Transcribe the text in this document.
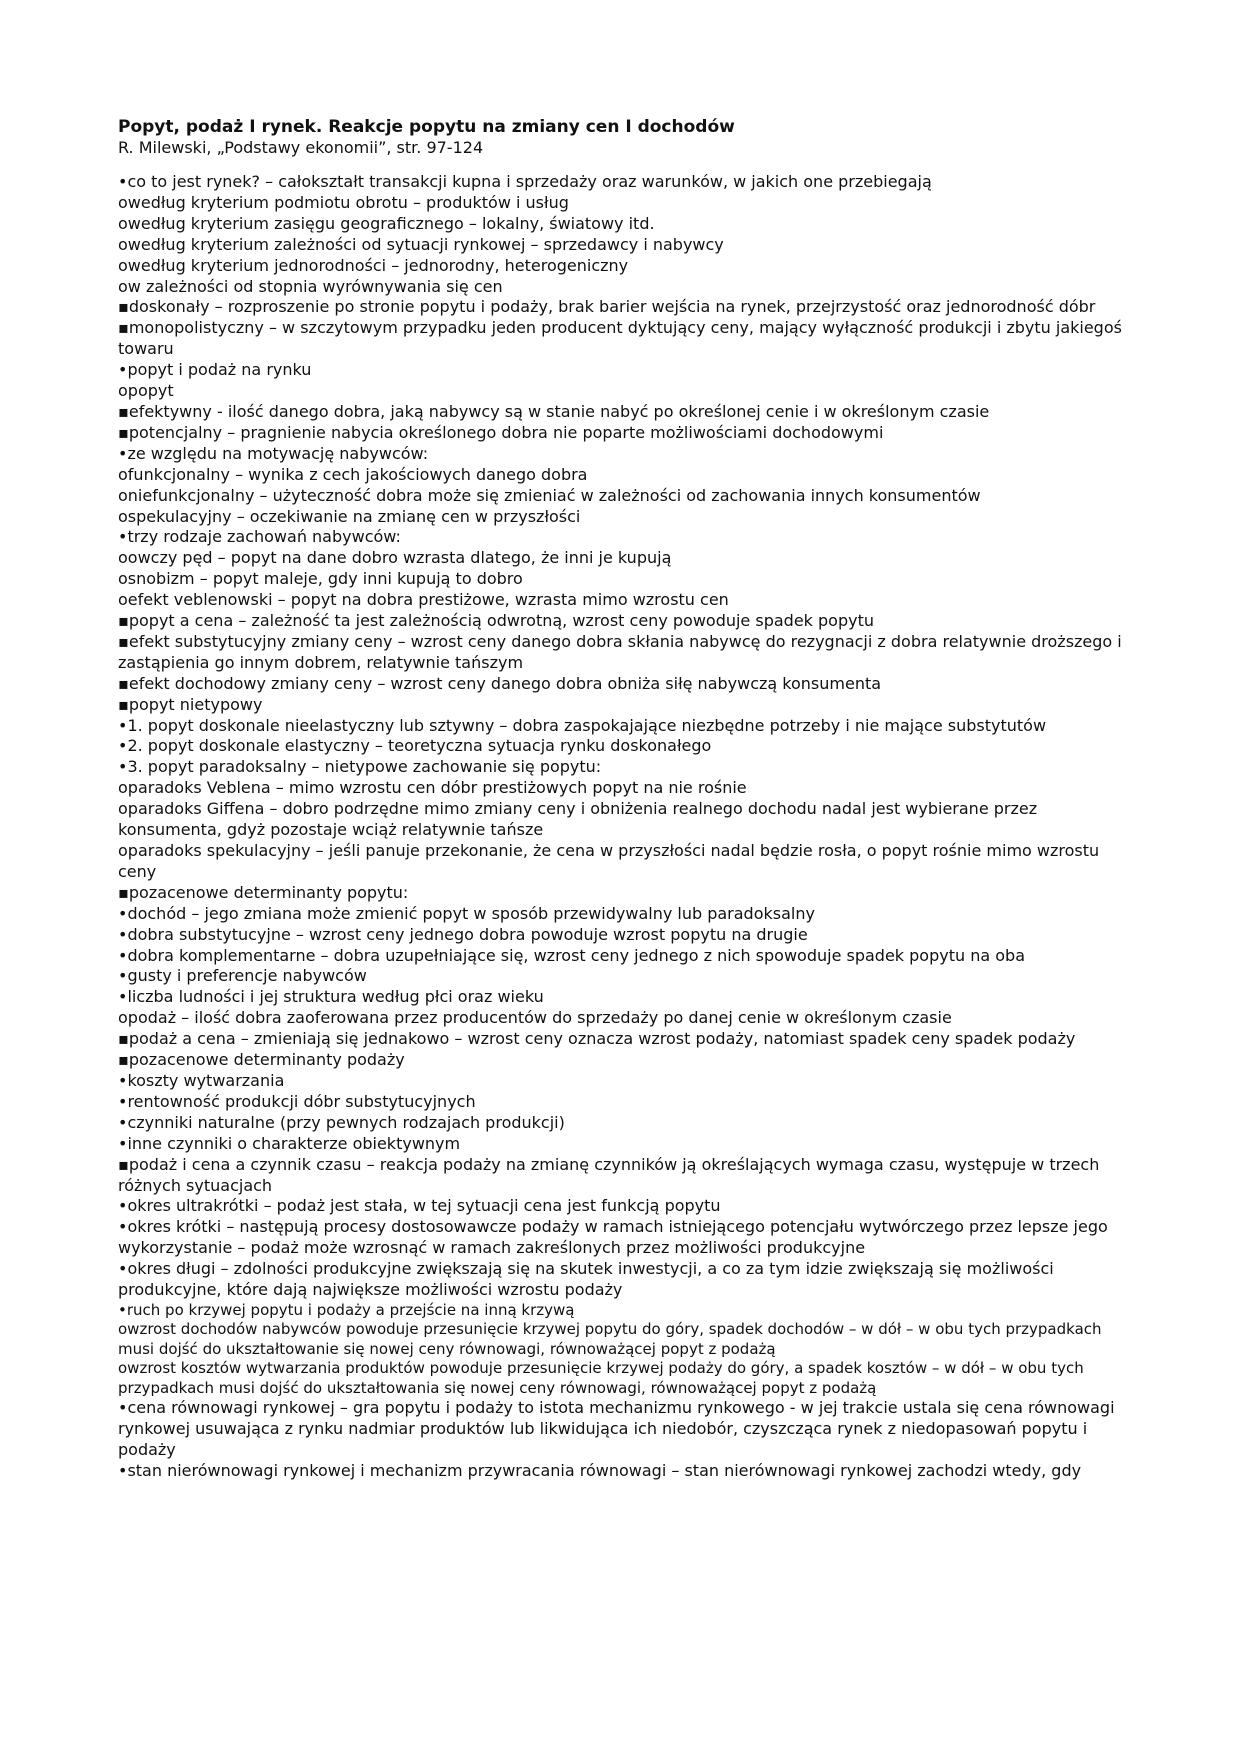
Popyt, podaż I rynek. Reakcje popytu na zmiany cen I dochodów

R. Milewski, „Podstawy ekonomii”, str. 97-124

•co to jest rynek? – całokształt transakcji kupna i sprzedaży oraz warunków, w jakich one przebiegają

owedług kryterium podmiotu obrotu – produktów i usług

owedług kryterium zasięgu geograficznego – lokalny, światowy itd.

owedług kryterium zależności od sytuacji rynkowej – sprzedawcy i nabywcy

owedług kryterium jednorodności – jednorodny, heterogeniczny

ow zależności od stopnia wyrównywania się cen

▪doskonały – rozproszenie po stronie popytu i podaży, brak barier wejścia na rynek, przejrzystość oraz jednorodność dóbr

▪monopolistyczny – w szczytowym przypadku jeden producent dyktujący ceny, mający wyłączność produkcji i zbytu jakiegoś towaru

•popyt i podaż na rynku

opopyt

▪efektywny - ilość danego dobra, jaką nabywcy są w stanie nabyć po określonej cenie i w określonym czasie

▪potencjalny – pragnienie nabycia określonego dobra nie poparte możliwościami dochodowymi

•ze względu na motywację nabywców:

ofunkcjonalny – wynika z cech jakościowych danego dobra

oniefunkcjonalny – użyteczność dobra może się zmieniać w zależności od zachowania innych konsumentów

ospekulacyjny – oczekiwanie na zmianę cen w przyszłości

•trzy rodzaje zachowań nabywców:

oowczy pęd – popyt na dane dobro wzrasta dlatego, że inni je kupują

osnobizm – popyt maleje, gdy inni kupują to dobro

oefekt veblenowski – popyt na dobra prestiżowe, wzrasta mimo wzrostu cen

▪popyt a cena – zależność ta jest zależnością odwrotną, wzrost ceny powoduje spadek popytu

▪efekt substytucyjny zmiany ceny – wzrost ceny danego dobra skłania nabywcę do rezygnacji z dobra relatywnie droższego i zastąpienia go innym dobrem, relatywnie tańszym

▪efekt dochodowy zmiany ceny – wzrost ceny danego dobra obniża siłę nabywczą konsumenta

▪popyt nietypowy

•1. popyt doskonale nieelastyczny lub sztywny – dobra zaspokajające niezbędne potrzeby i nie mające substytutów

•2. popyt doskonale elastyczny – teoretyczna sytuacja rynku doskonałego

•3. popyt paradoksalny – nietypowe zachowanie się popytu:

oparadoks Veblena – mimo wzrostu cen dóbr prestiżowych popyt na nie rośnie

oparadoks Giffena – dobro podrzędne mimo zmiany ceny i obniżenia realnego dochodu nadal jest wybierane przez konsumenta, gdyż pozostaje wciąż relatywnie tańsze

oparadoks spekulacyjny – jeśli panuje przekonanie, że cena w przyszłości nadal będzie rosła, o popyt rośnie mimo wzrostu ceny

▪pozacenowe determinanty popytu:

•dochód – jego zmiana może zmienić popyt w sposób przewidywalny lub paradoksalny

•dobra substytucyjne – wzrost ceny jednego dobra powoduje wzrost popytu na drugie

•dobra komplementarne – dobra uzupełniające się, wzrost ceny jednego z nich spowoduje spadek popytu na oba

•gusty i preferencje nabywców

•liczba ludności i jej struktura według płci oraz wieku

opodaż – ilość dobra zaoferowana przez producentów do sprzedaży po danej cenie w określonym czasie

▪podaż a cena – zmieniają się jednakowo – wzrost ceny oznacza wzrost podaży, natomiast spadek ceny spadek podaży

▪pozacenowe determinanty podaży

•koszty wytwarzania

•rentowność produkcji dóbr substytucyjnych

•czynniki naturalne (przy pewnych rodzajach produkcji)

•inne czynniki o charakterze obiektywnym

▪podaż i cena a czynnik czasu – reakcja podaży na zmianę czynników ją określających wymaga czasu, występuje w trzech różnych sytuacjach

•okres ultrakrótki – podaż jest stała, w tej sytuacji cena jest funkcją popytu

•okres krótki – następują procesy dostosowawcze podaży w ramach istniejącego potencjału wytwórczego przez lepsze jego wykorzystanie – podaż może wzrosnąć w ramach zakreślonych przez możliwości produkcyjne

•okres długi – zdolności produkcyjne zwiększają się na skutek inwestycji, a co za tym idzie zwiększają się możliwości produkcyjne, które dają największe możliwości wzrostu podaży

•ruch po krzywej popytu i podaży a przejście na inną krzywą

owzrost dochodów nabywców powoduje przesunięcie krzywej popytu do góry, spadek dochodów – w dół – w obu tych przypadkach musi dojść do ukształtowanie się nowej ceny równowagi, równoważącej popyt z podażą

owzrost kosztów wytwarzania produktów powoduje przesunięcie krzywej podaży do góry, a spadek kosztów – w dół – w obu tych przypadkach musi dojść do ukształtowania się nowej ceny równowagi, równoważącej popyt z podażą

•cena równowagi rynkowej – gra popytu i podaży to istota mechanizmu rynkowego - w jej trakcie ustala się cena równowagi rynkowej usuwająca z rynku nadmiar produktów lub likwidująca ich niedobór, czyszcząca rynek z niedopasowań popytu i podaży

•stan nierównowagi rynkowej i mechanizm przywracania równowagi – stan nierównowagi rynkowej zachodzi wtedy, gdy
